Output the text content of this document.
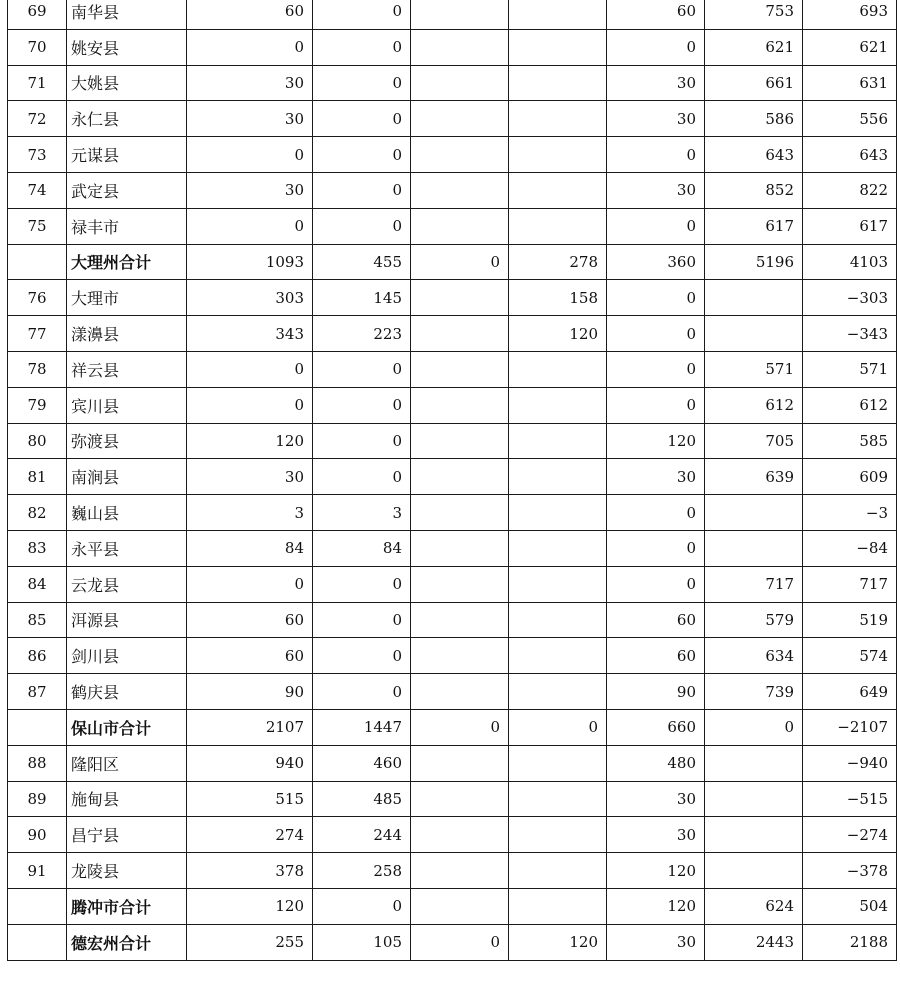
69	南华县	60	0			60	753	693
70	姚安县	0	0			0	621	621
71	大姚县	30	0			30	661	631
72	永仁县	30	0			30	586	556
73	元谋县	0	0			0	643	643
74	武定县	30	0			30	852	822
75	禄丰市	0	0			0	617	617
	大理州合计	1093	455	0	278	360	5196	4103
76	大理市	303	145		158	0		−303
77	漾濞县	343	223		120	0		−343
78	祥云县	0	0			0	571	571
79	宾川县	0	0			0	612	612
80	弥渡县	120	0			120	705	585
81	南涧县	30	0			30	639	609
82	巍山县	3	3			0		−3
83	永平县	84	84			0		−84
84	云龙县	0	0			0	717	717
85	洱源县	60	0			60	579	519
86	剑川县	60	0			60	634	574
87	鹤庆县	90	0			90	739	649
	保山市合计	2107	1447	0	0	660	0	−2107
88	隆阳区	940	460			480		−940
89	施甸县	515	485			30		−515
90	昌宁县	274	244			30		−274
91	龙陵县	378	258			120		−378
	腾冲市合计	120	0			120	624	504
	德宏州合计	255	105	0	120	30	2443	2188
